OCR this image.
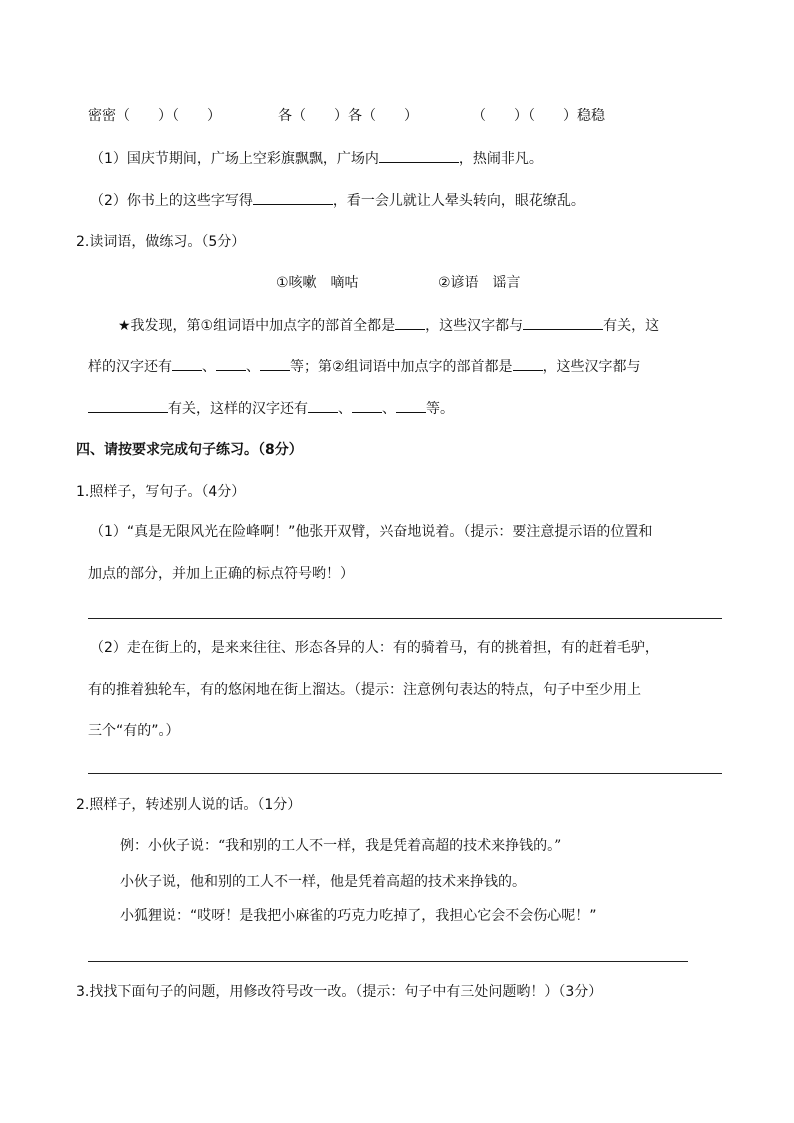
密密（　　）（　　）	各（　　）各（　　）	（　　）（　　）稳稳
（1）国庆节期间，广场上空彩旗飘飘，广场内	，热闹非凡。
（2）你书上的这些字写得	，看一会儿就让人晕头转向，眼花缭乱。
2.读词语，做练习。（5分）
①咳嗽　嘀咕	②谚语　谣言
★我发现，第①组词语中加点字的部首全都是 ，这些汉字都与	有关，这
样的汉字还有 、 、 等；第②组词语中加点字的部首都是 ，这些汉字都与
有关，这样的汉字还有 、 、 等。
四、请按要求完成句子练习。（8分）
1.照样子，写句子。（4分）
（1）“真是无限风光在险峰啊！”他张开双臂，兴奋地说着。（提示：要注意提示语的位置和
加点的部分，并加上正确的标点符号哟！）
（2）走在街上的，是来来往往、形态各异的人：有的骑着马，有的挑着担，有的赶着毛驴，
有的推着独轮车，有的悠闲地在街上溜达。（提示：注意例句表达的特点，句子中至少用上
三个“有的”。）
2.照样子，转述别人说的话。（1分）
例：小伙子说：“我和别的工人不一样，我是凭着高超的技术来挣钱的。”
小伙子说，他和别的工人不一样，他是凭着高超的技术来挣钱的。
小狐狸说：“哎呀！是我把小麻雀的巧克力吃掉了，我担心它会不会伤心呢！”
3.找找下面句子的问题，用修改符号改一改。（提示：句子中有三处问题哟！）（3分）
